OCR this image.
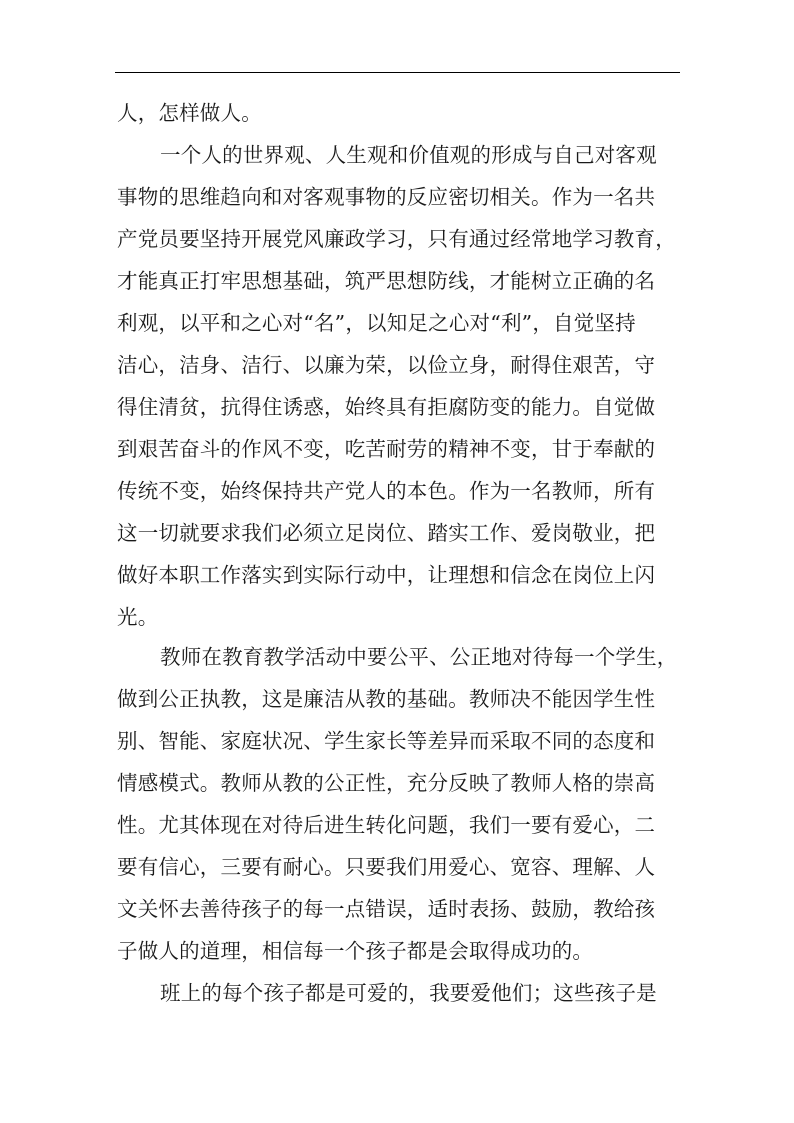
人，怎样做人。
一个人的世界观、人生观和价值观的形成与自己对客观
事物的思维趋向和对客观事物的反应密切相关。作为一名共
产党员要坚持开展党风廉政学习，只有通过经常地学习教育，
才能真正打牢思想基础，筑严思想防线，才能树立正确的名
利观，以平和之心对“名”，以知足之心对“利”，自觉坚持
洁心，洁身、洁行、以廉为荣，以俭立身，耐得住艰苦，守
得住清贫，抗得住诱惑，始终具有拒腐防变的能力。自觉做
到艰苦奋斗的作风不变，吃苦耐劳的精神不变，甘于奉献的
传统不变，始终保持共产党人的本色。作为一名教师，所有
这一切就要求我们必须立足岗位、踏实工作、爱岗敬业，把
做好本职工作落实到实际行动中，让理想和信念在岗位上闪
光。
教师在教育教学活动中要公平、公正地对待每一个学生，
做到公正执教，这是廉洁从教的基础。教师决不能因学生性
别、智能、家庭状况、学生家长等差异而采取不同的态度和
情感模式。教师从教的公正性，充分反映了教师人格的崇高
性。尤其体现在对待后进生转化问题，我们一要有爱心，二
要有信心，三要有耐心。只要我们用爱心、宽容、理解、人
文关怀去善待孩子的每一点错误，适时表扬、鼓励，教给孩
子做人的道理，相信每一个孩子都是会取得成功的。
班上的每个孩子都是可爱的，我要爱他们；这些孩子是
